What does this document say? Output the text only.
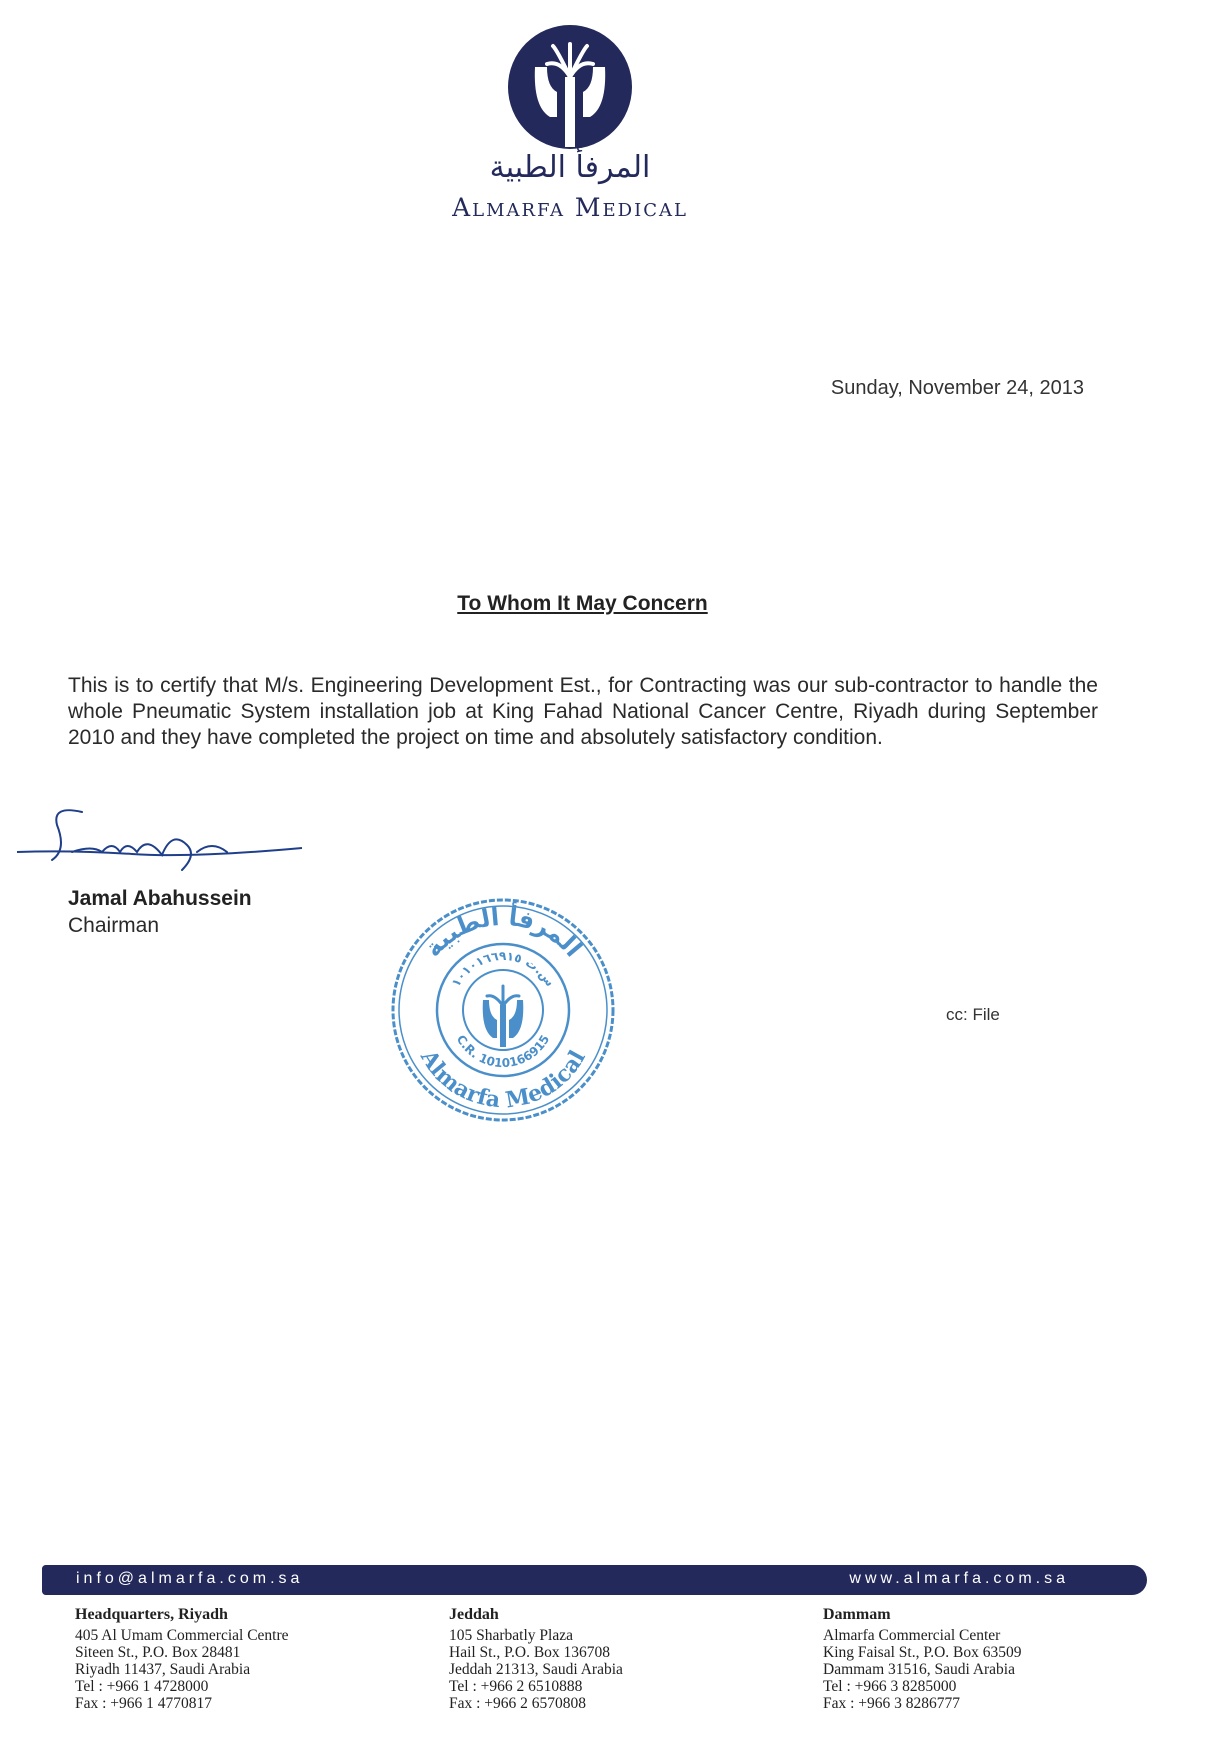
المرفأ الطبية
Almarfa Medical
Sunday, November 24, 2013
To Whom It May Concern
This is to certify that M/s. Engineering Development Est., for Contracting was our sub-contractor to handle the whole Pneumatic System installation job at King Fahad National Cancer Centre, Riyadh during September 2010 and they have completed the project on time and absolutely satisfactory condition.
Jamal Abahussein
Chairman
المرفأ الطبية
س.ت ١٠١٠١٦٦٩١٥
C.R. 1010166915
Almarfa Medical
cc: File
info@almarfa.com.sa	www.almarfa.com.sa
Headquarters, Riyadh
405 Al Umam Commercial Centre
Siteen St., P.O. Box 28481
Riyadh 11437, Saudi Arabia
Tel : +966 1 4728000
Fax : +966 1 4770817
Jeddah
105 Sharbatly Plaza
Hail St., P.O. Box 136708
Jeddah 21313, Saudi Arabia
Tel : +966 2 6510888
Fax : +966 2 6570808
Dammam
Almarfa Commercial Center
King Faisal St., P.O. Box 63509
Dammam 31516, Saudi Arabia
Tel : +966 3 8285000
Fax : +966 3 8286777
